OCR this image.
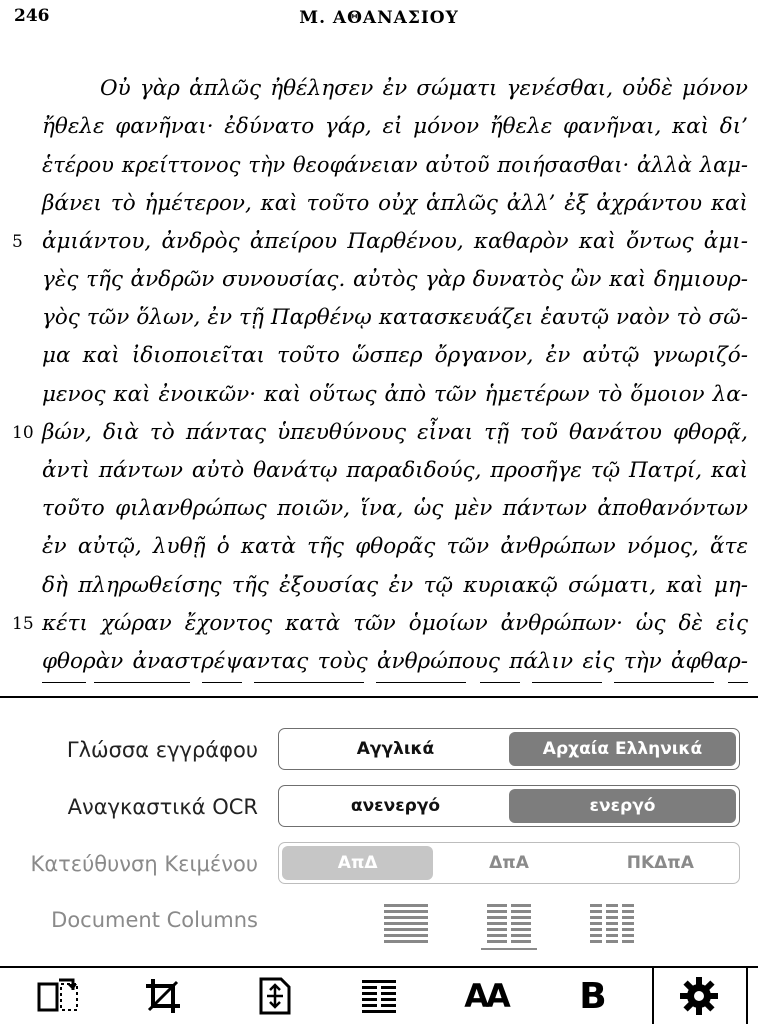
246	Μ. ΑΘΑΝΑΣΙΟΥ
Οὐ γὰρ ἁπλῶς ἠθέλησεν ἐν σώματι γενέσθαι, οὐδὲ μόνον
ἤθελε φανῆναι· ἐδύνατο γάρ, εἰ μόνον ἤθελε φανῆναι, καὶ δι’
ἑτέρου κρείττονος τὴν θεοφάνειαν αὐτοῦ ποιήσασθαι· ἀλλὰ λαμ-
βάνει τὸ ἡμέτερον, καὶ τοῦτο οὐχ ἁπλῶς ἀλλ’ ἐξ ἀχράντου καὶ
ἀμιάντου, ἀνδρὸς ἀπείρου Παρθένου, καθαρὸν καὶ ὄντως ἀμι-
5
γὲς τῆς ἀνδρῶν συνουσίας. αὐτὸς γὰρ δυνατὸς ὢν καὶ δημιουρ-
γὸς τῶν ὅλων, ἐν τῇ Παρθένῳ κατασκευάζει ἑαυτῷ ναὸν τὸ σῶ-
μα καὶ ἰδιοποιεῖται τοῦτο ὥσπερ ὄργανον, ἐν αὐτῷ γνωριζό-
μενος καὶ ἐνοικῶν· καὶ οὕτως ἀπὸ τῶν ἡμετέρων τὸ ὅμοιον λα-
βών, διὰ τὸ πάντας ὑπευθύνους εἶναι τῇ τοῦ θανάτου φθορᾷ,
10
ἀντὶ πάντων αὐτὸ θανάτῳ παραδιδούς, προσῆγε τῷ Πατρί, καὶ
τοῦτο φιλανθρώπως ποιῶν, ἵνα, ὡς μὲν πάντων ἀποθανόντων
ἐν αὐτῷ, λυθῇ ὁ κατὰ τῆς φθορᾶς τῶν ἀνθρώπων νόμος, ἅτε
δὴ πληρωθείσης τῆς ἐξουσίας ἐν τῷ κυριακῷ σώματι, καὶ μη-
κέτι χώραν ἔχοντος κατὰ τῶν ὁμοίων ἀνθρώπων· ὡς δὲ εἰς
15
φθορὰν ἀναστρέψαντας τοὺς ἀνθρώπους πάλιν εἰς τὴν ἀφθαρ-
Γλώσσα εγγράφου	Αγγλικά	Αρχαία Ελληνικά
Αναγκαστικά OCR	ανενεργό	ενεργό
Κατεύθυνση Κειμένου	ΑπΔ	ΔπΑ	ΠΚΔπΑ
Document Columns
AA B
